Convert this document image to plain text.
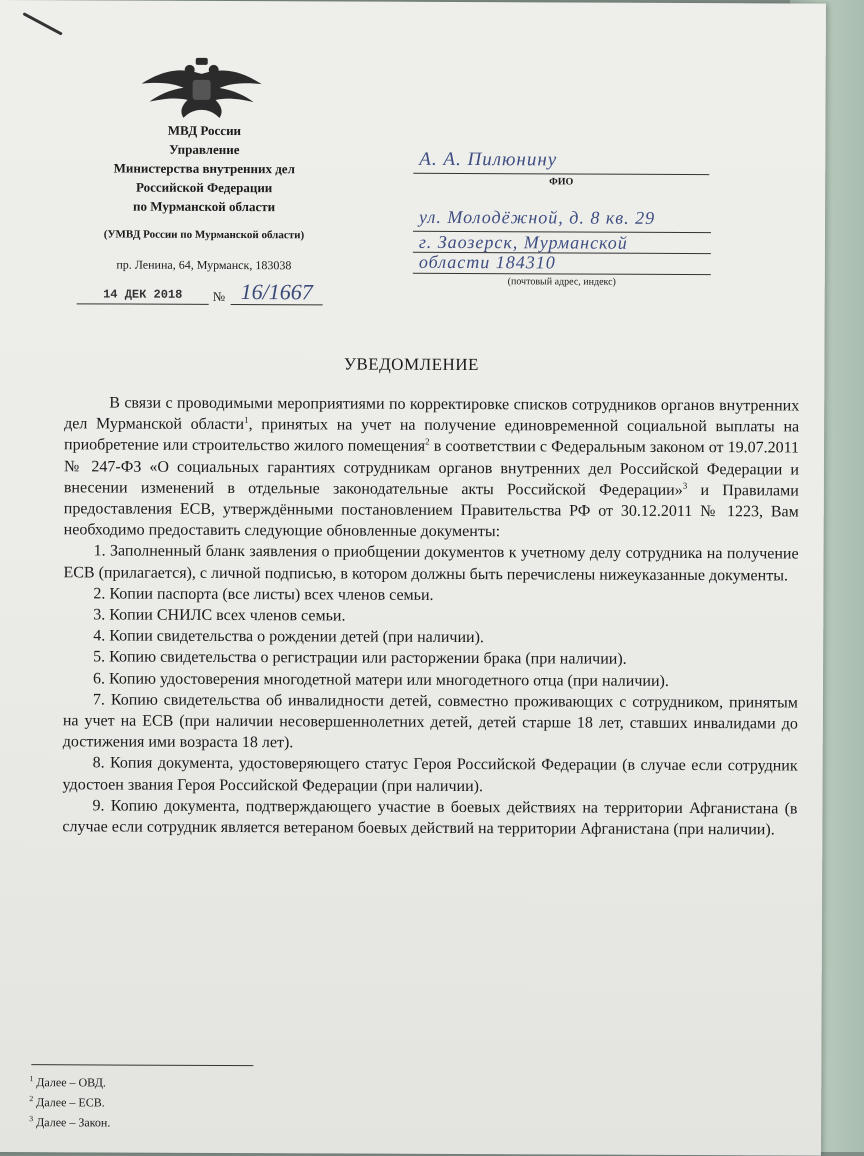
МВД России
Управление
Министерства внутренних дел
Российской Федерации
по Мурманской области
(УМВД России по Мурманской области)
пр. Ленина, 64, Мурманск, 183038
14 ДЕК 2018	№ 16/1667
А. А. Пилюнину
ФИО
ул. Молодёжной, д. 8 кв. 29
г. Заозерск, Мурманской
области 184310
(почтовый адрес, индекс)
УВЕДОМЛЕНИЕ

В связи с проводимыми мероприятиями по корректировке списков сотрудников органов внутренних дел Мурманской области$^1$, принятых на учет на получение единовременной социальной выплаты на приобретение или строительство жилого помещения$^2$ в соответствии с Федеральным законом от 19.07.2011 № 247-ФЗ «О социальных гарантиях сотрудникам органов внутренних дел Российской Федерации и внесении изменений в отдельные законодательные акты Российской Федерации»$^3$ и Правилами предоставления ЕСВ, утверждёнными постановлением Правительства РФ от 30.12.2011 № 1223, Вам необходимо предоставить следующие обновленные документы:

1. Заполненный бланк заявления о приобщении документов к учетному делу сотрудника на получение ЕСВ (прилагается), с личной подписью, в котором должны быть перечислены нижеуказанные документы.

2. Копии паспорта (все листы) всех членов семьи.

3. Копии СНИЛС всех членов семьи.

4. Копии свидетельства о рождении детей (при наличии).

5. Копию свидетельства о регистрации или расторжении брака (при наличии).

6. Копию удостоверения многодетной матери или многодетного отца (при наличии).

7. Копию свидетельства об инвалидности детей, совместно проживающих с сотрудником, принятым на учет на ЕСВ (при наличии несовершеннолетних детей, детей старше 18 лет, ставших инвалидами до достижения ими возраста 18 лет).

8. Копия документа, удостоверяющего статус Героя Российской Федерации (в случае если сотрудник удостоен звания Героя Российской Федерации (при наличии).

9. Копию документа, подтверждающего участие в боевых действиях на территории Афганистана (в случае если сотрудник является ветераном боевых действий на территории Афганистана (при наличии).

$^1$ Далее – ОВД.
$^2$ Далее – ЕСВ.
$^3$ Далее – Закон.
